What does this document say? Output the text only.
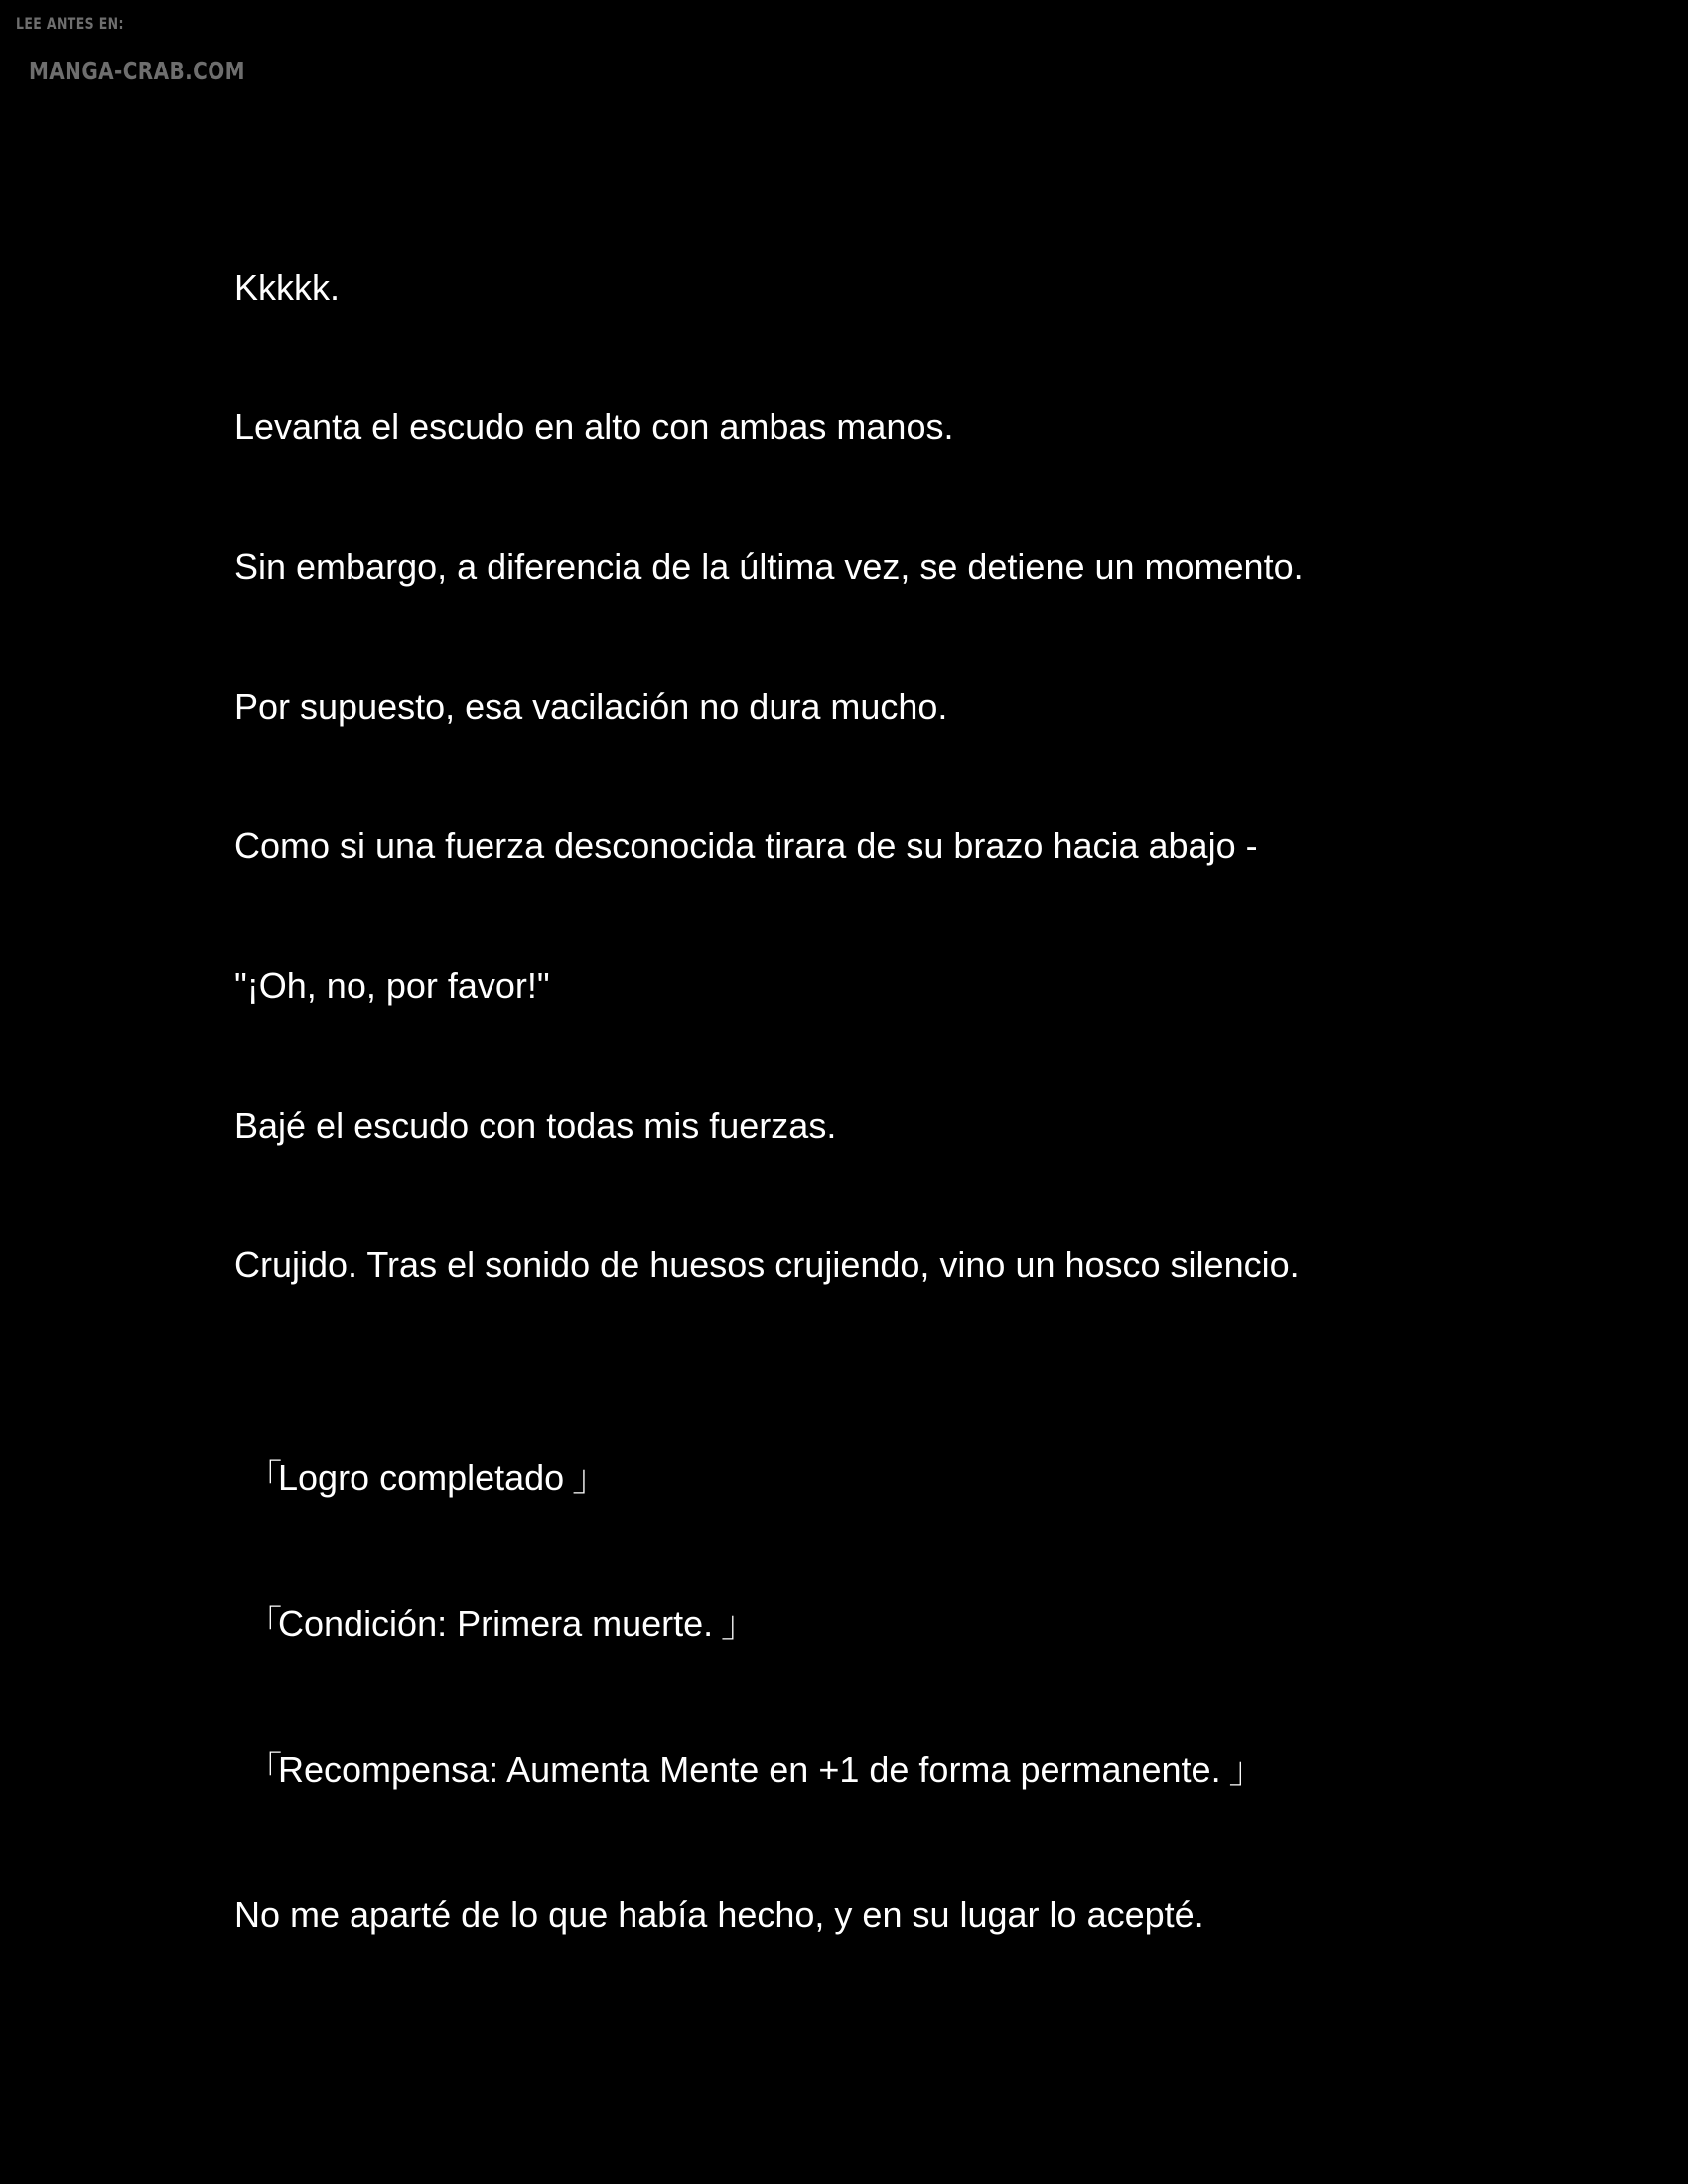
LEE ANTES EN:
MANGA-CRAB.COM
Kkkkk.
Levanta el escudo en alto con ambas manos.
Sin embargo, a diferencia de la última vez, se detiene un momento.
Por supuesto, esa vacilación no dura mucho.
Como si una fuerza desconocida tirara de su brazo hacia abajo -
"¡Oh, no, por favor!"
Bajé el escudo con todas mis fuerzas.
Crujido. Tras el sonido de huesos crujiendo, vino un hosco silencio.
「Logro completado 」
「Condición: Primera muerte. 」
「Recompensa: Aumenta Mente en +1 de forma permanente. 」
No me aparté de lo que había hecho, y en su lugar lo acepté.
